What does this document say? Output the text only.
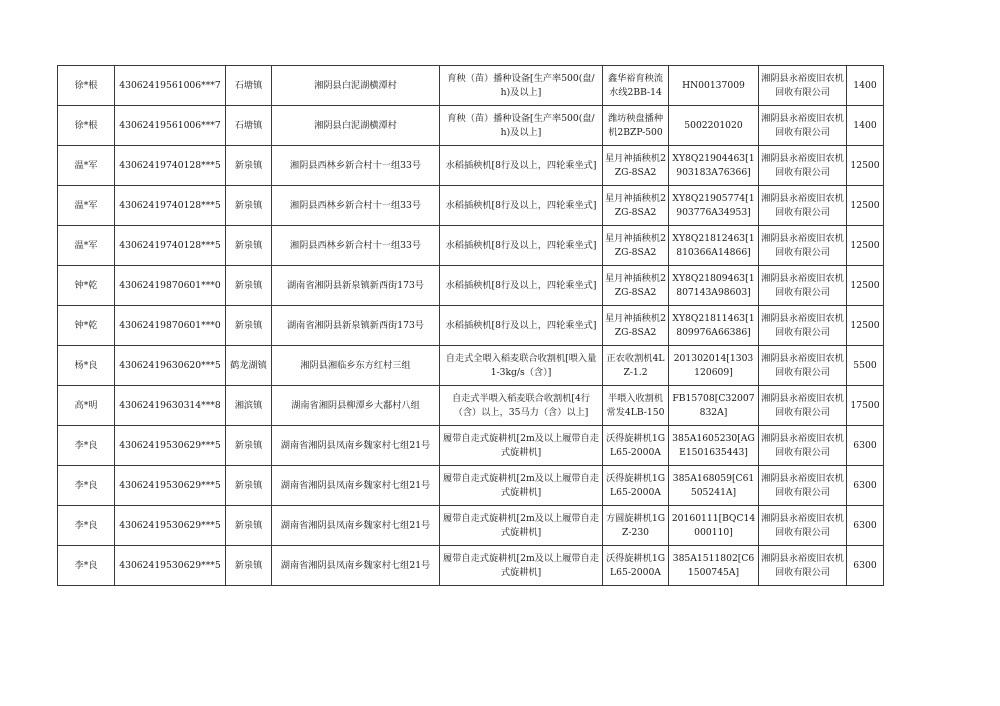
徐*根	43062419561006***7	石塘镇	湘阴县白泥湖横潭村	育秧（苗）播种设备[生产率500(盘/h)及以上]	鑫华裕育秧流水线2BB-14	HN00137009	湘阴县永裕废旧农机回收有限公司	1400
徐*根	43062419561006***7	石塘镇	湘阴县白泥湖横潭村	育秧（苗）播种设备[生产率500(盘/h)及以上]	潍坊秧盘播种机2BZP-500	5002201020	湘阴县永裕废旧农机回收有限公司	1400
温*军	43062419740128***5	新泉镇	湘阴县西林乡新合村十一组33号	水稻插秧机[8行及以上，四轮乘坐式]	星月神插秧机2ZG-8SA2	XY8Q21904463[1903183A76366]	湘阴县永裕废旧农机回收有限公司	12500
温*军	43062419740128***5	新泉镇	湘阴县西林乡新合村十一组33号	水稻插秧机[8行及以上，四轮乘坐式]	星月神插秧机2ZG-8SA2	XY8Q21905774[1903776A34953]	湘阴县永裕废旧农机回收有限公司	12500
温*军	43062419740128***5	新泉镇	湘阴县西林乡新合村十一组33号	水稻插秧机[8行及以上，四轮乘坐式]	星月神插秧机2ZG-8SA2	XY8Q21812463[1810366A14866]	湘阴县永裕废旧农机回收有限公司	12500
钟*乾	43062419870601***0	新泉镇	湖南省湘阴县新泉镇新西街173号	水稻插秧机[8行及以上，四轮乘坐式]	星月神插秧机2ZG-8SA2	XY8Q21809463[1807143A98603]	湘阴县永裕废旧农机回收有限公司	12500
钟*乾	43062419870601***0	新泉镇	湖南省湘阴县新泉镇新西街173号	水稻插秧机[8行及以上，四轮乘坐式]	星月神插秧机2ZG-8SA2	XY8Q21811463[1809976A66386]	湘阴县永裕废旧农机回收有限公司	12500
杨*良	43062419630620***5	鹤龙湖镇	湘阴县湘临乡东方红村三组	自走式全喂入稻麦联合收割机[喂入量1-3kg/s（含）]	正农收割机4LZ-1.2	201302014[1303120609]	湘阴县永裕废旧农机回收有限公司	5500
高*明	43062419630314***8	湘滨镇	湖南省湘阴县柳潭乡大鄱村八组	自走式半喂入稻麦联合收割机[4行（含）以上，35马力（含）以上]	半喂入收割机常发4LB-150	FB15708[C32007832A]	湘阴县永裕废旧农机回收有限公司	17500
李*良	43062419530629***5	新泉镇	湖南省湘阴县凤南乡魏家村七组21号	履带自走式旋耕机[2m及以上履带自走式旋耕机]	沃得旋耕机1GL65-2000A	385A1605230[AGE1501635443]	湘阴县永裕废旧农机回收有限公司	6300
李*良	43062419530629***5	新泉镇	湖南省湘阴县凤南乡魏家村七组21号	履带自走式旋耕机[2m及以上履带自走式旋耕机]	沃得旋耕机1GL65-2000A	385A168059[C61505241A]	湘阴县永裕废旧农机回收有限公司	6300
李*良	43062419530629***5	新泉镇	湖南省湘阴县凤南乡魏家村七组21号	履带自走式旋耕机[2m及以上履带自走式旋耕机]	方圆旋耕机1GZ-230	20160111[BQC14000110]	湘阴县永裕废旧农机回收有限公司	6300
李*良	43062419530629***5	新泉镇	湖南省湘阴县凤南乡魏家村七组21号	履带自走式旋耕机[2m及以上履带自走式旋耕机]	沃得旋耕机1GL65-2000A	385A1511802[C61500745A]	湘阴县永裕废旧农机回收有限公司	6300
